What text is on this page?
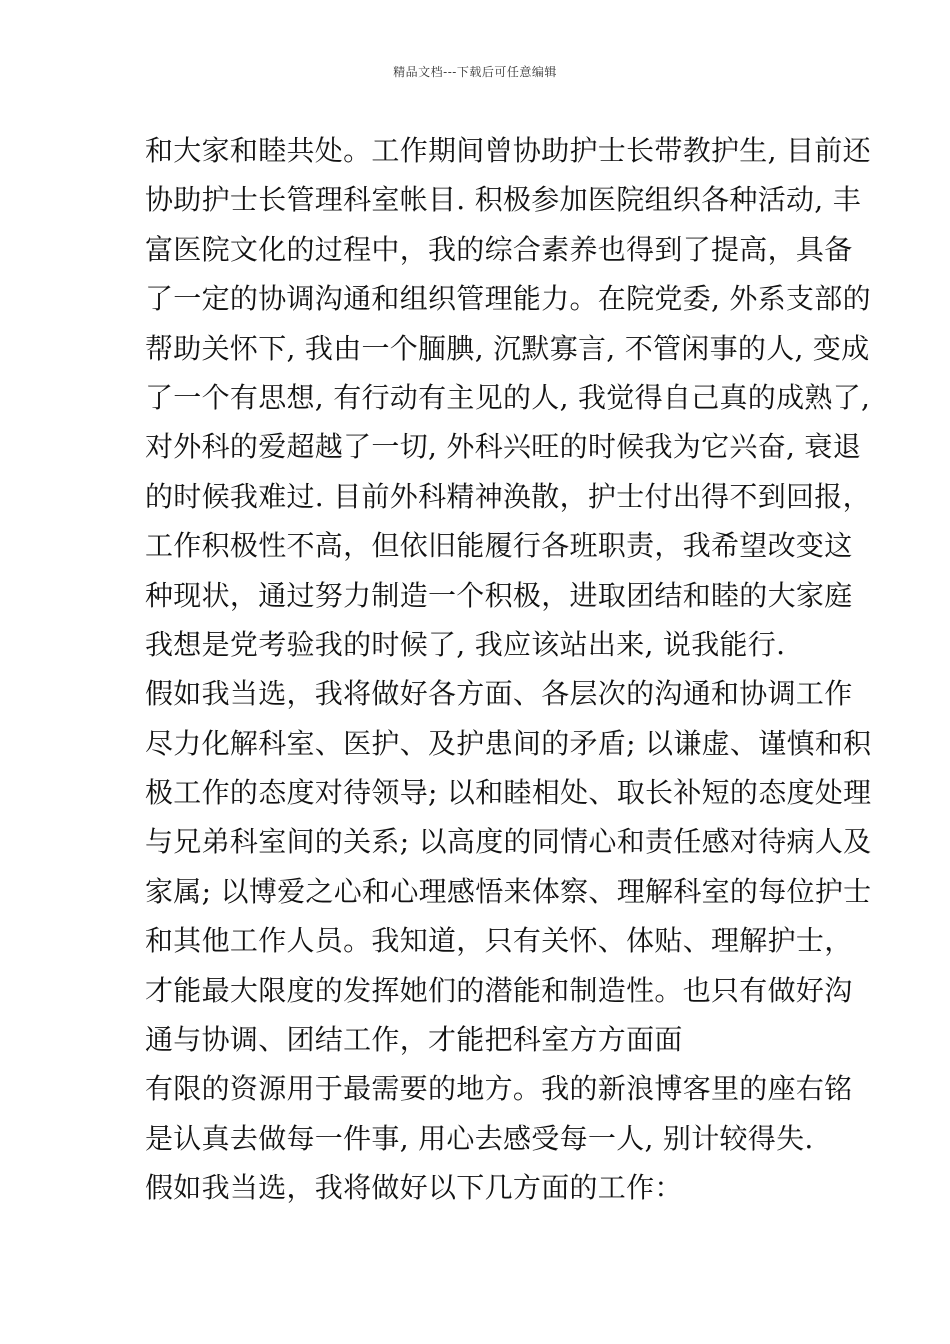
精品文档---下载后可任意编辑
和大家和睦共处。工作期间曾协助护士长带教护生, 目前还
协助护士长管理科室帐目. 积极参加医院组织各种活动, 丰
富医院文化的过程中，我的综合素养也得到了提高，具备
了一定的协调沟通和组织管理能力。在院党委, 外系支部的
帮助关怀下, 我由一个腼腆, 沉默寡言, 不管闲事的人, 变成
了一个有思想, 有行动有主见的人, 我觉得自己真的成熟了,
对外科的爱超越了一切, 外科兴旺的时候我为它兴奋, 衰退
的时候我难过. 目前外科精神涣散，护士付出得不到回报，
工作积极性不高，但依旧能履行各班职责，我希望改变这
种现状，通过努力制造一个积极，进取团结和睦的大家庭
我想是党考验我的时候了, 我应该站出来, 说我能行.
假如我当选，我将做好各方面、各层次的沟通和协调工作
尽力化解科室、医护、及护患间的矛盾; 以谦虚、谨慎和积
极工作的态度对待领导; 以和睦相处、取长补短的态度处理
与兄弟科室间的关系; 以高度的同情心和责任感对待病人及
家属; 以博爱之心和心理感悟来体察、理解科室的每位护士
和其他工作人员。我知道，只有关怀、体贴、理解护士，
才能最大限度的发挥她们的潜能和制造性。也只有做好沟
通与协调、团结工作，才能把科室方方面面
有限的资源用于最需要的地方。我的新浪博客里的座右铭
是认真去做每一件事, 用心去感受每一人, 别计较得失.
假如我当选，我将做好以下几方面的工作：
